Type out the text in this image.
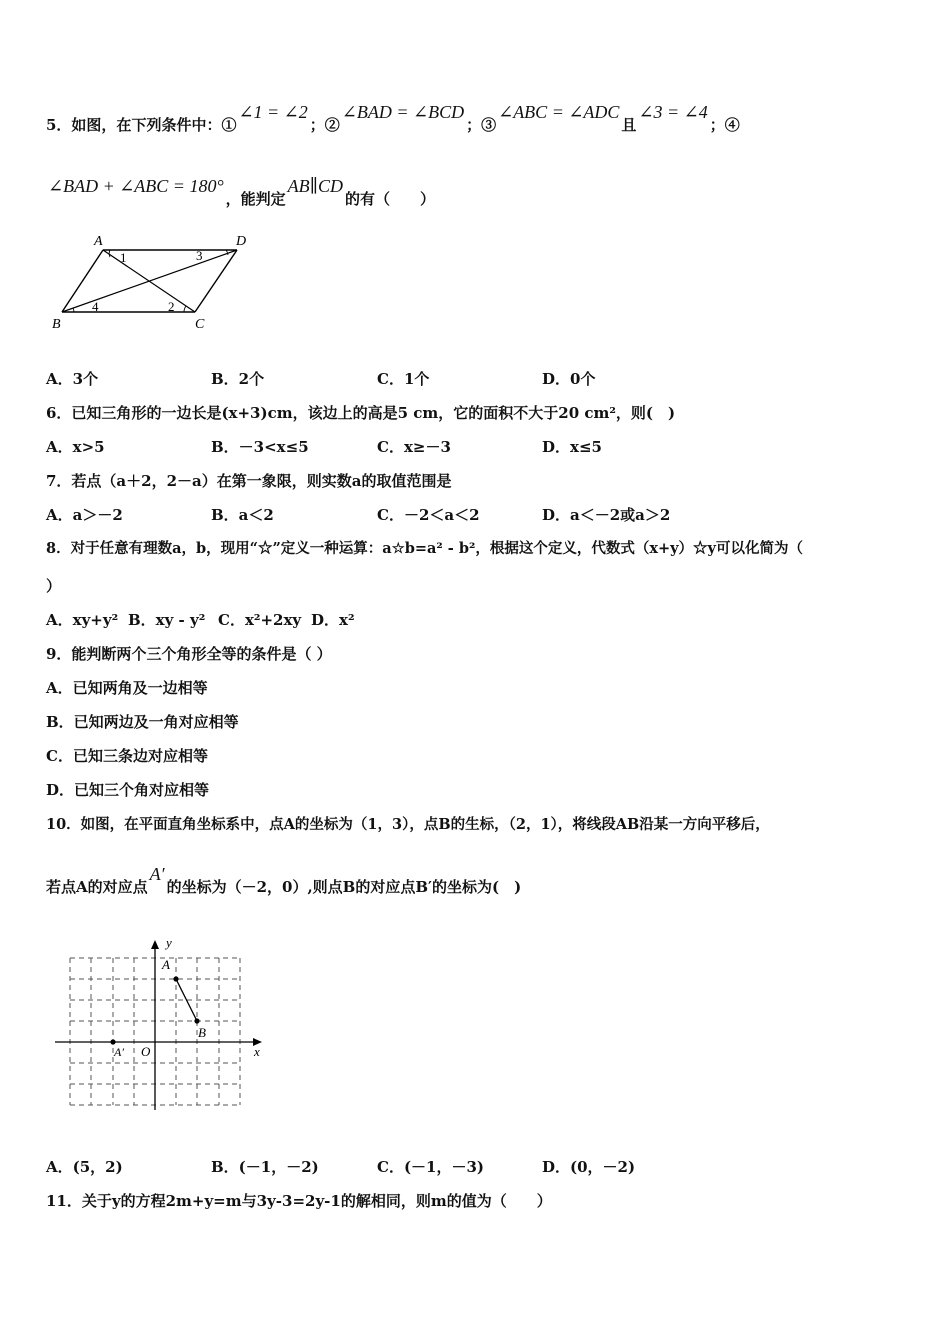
5．如图，在下列条件中：①∠1 = ∠2；②∠BAD = ∠BCD；③∠ABC = ∠ADC且∠3 = ∠4；④
∠BAD + ∠ABC = 180°，能判定AB∥CD的有（　　）
A	D
B	C
1	3
4	2
A．3个	B．2个	C．1个	D．0个
6．已知三角形的一边长是(x+3)cm，该边上的高是5 cm，它的面积不大于20 cm²，则(　)
A．x>5	B．－3<x≤5	C．x≥－3	D．x≤5
7．若点（a＋2，2－a）在第一象限，则实数a的取值范围是
A．a＞－2	B．a＜2	C．－2＜a＜2	D．a＜－2或a＞2
8．对于任意有理数a，b，现用“☆”定义一种运算：a☆b=a² - b²，根据这个定义，代数式（x+y）☆y可以化简为（
）
A．xy+y² B．xy - y² C．x²+2xy D．x²
9．能判断两个三个角形全等的条件是（ ）
A．已知两角及一边相等
B．已知两边及一角对应相等
C．已知三条边对应相等
D．已知三个角对应相等
10．如图，在平面直角坐标系中，点A的坐标为（1，3），点B的生标，（2，1），将线段AB沿某一方向平移后，
若点A的对应点A′的坐标为（－2，0）,则点B的对应点B′的坐标为(　)
y
x
A
B
O
A′
A．(5，2)	B．(－1，－2)	C．(－1，－3)	D．(0，－2)
11．关于y的方程2m+y=m与3y-3=2y-1的解相同，则m的值为（　　）
